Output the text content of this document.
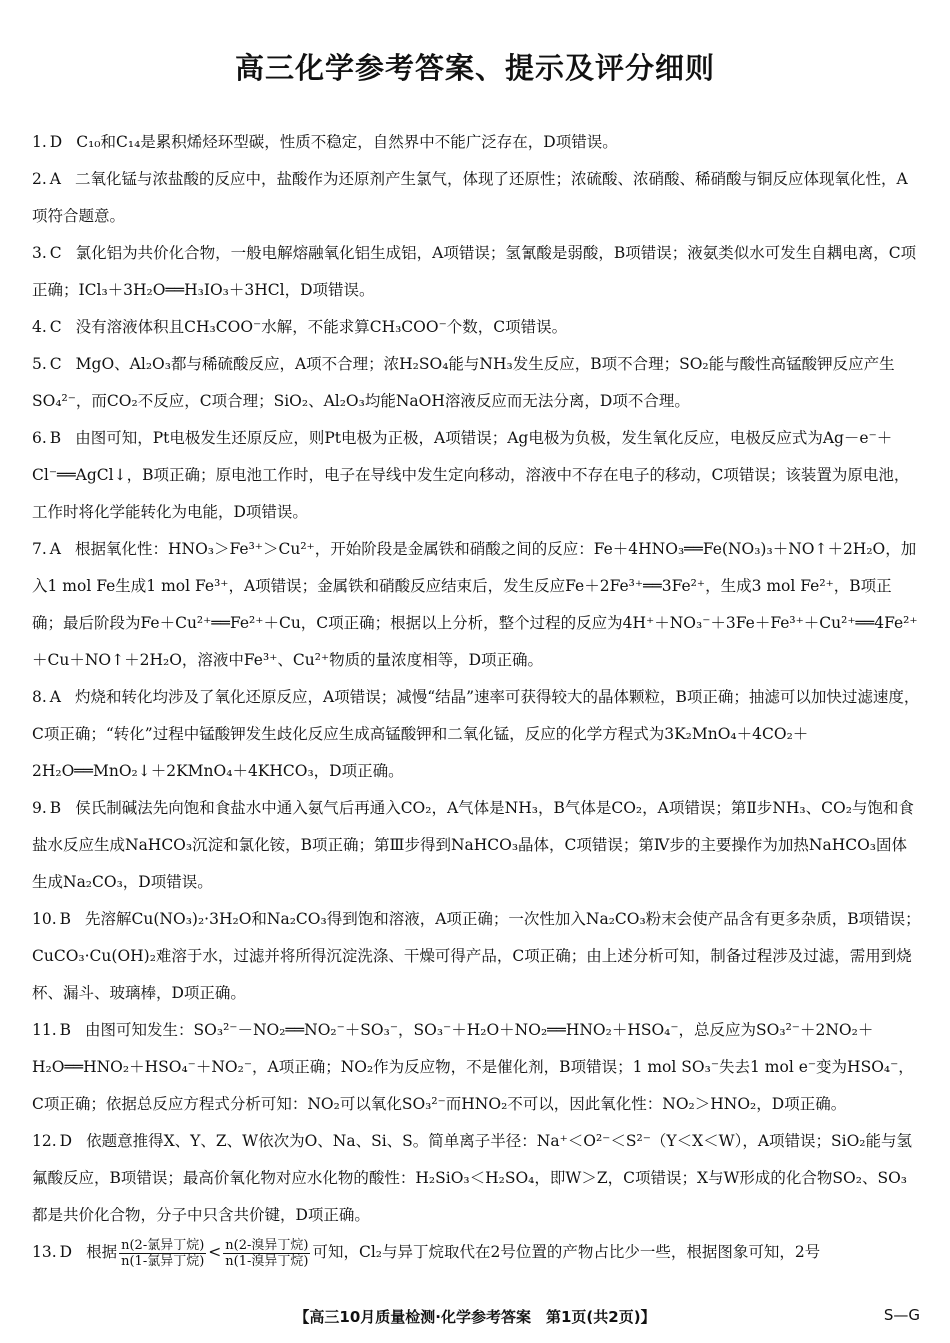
高三化学参考答案、提示及评分细则
1. D C₁₀和C₁₄是累积烯烃环型碳，性质不稳定，自然界中不能广泛存在，D项错误。
2. A 二氧化锰与浓盐酸的反应中，盐酸作为还原剂产生氯气，体现了还原性；浓硫酸、浓硝酸、稀硝酸与铜反应体现氧化性，A项符合题意。
3. C 氯化铝为共价化合物，一般电解熔融氧化铝生成铝，A项错误；氢氰酸是弱酸，B项错误；液氨类似水可发生自耦电离，C项正确；ICl₃＋3H₂O══H₃IO₃＋3HCl，D项错误。
4. C 没有溶液体积且CH₃COO⁻水解，不能求算CH₃COO⁻个数，C项错误。
5. C MgO、Al₂O₃都与稀硫酸反应，A项不合理；浓H₂SO₄能与NH₃发生反应，B项不合理；SO₂能与酸性高锰酸钾反应产生SO₄²⁻，而CO₂不反应，C项合理；SiO₂、Al₂O₃均能NaOH溶液反应而无法分离，D项不合理。
6. B 由图可知，Pt电极发生还原反应，则Pt电极为正极，A项错误；Ag电极为负极，发生氧化反应，电极反应式为Ag－e⁻＋Cl⁻══AgCl↓，B项正确；原电池工作时，电子在导线中发生定向移动，溶液中不存在电子的移动，C项错误；该装置为原电池，工作时将化学能转化为电能，D项错误。
7. A 根据氧化性：HNO₃＞Fe³⁺＞Cu²⁺，开始阶段是金属铁和硝酸之间的反应：Fe＋4HNO₃══Fe(NO₃)₃＋NO↑＋2H₂O，加入1 mol Fe生成1 mol Fe³⁺，A项错误；金属铁和硝酸反应结束后，发生反应Fe＋2Fe³⁺══3Fe²⁺，生成3 mol Fe²⁺，B项正确；最后阶段为Fe＋Cu²⁺══Fe²⁺＋Cu，C项正确；根据以上分析，整个过程的反应为4H⁺＋NO₃⁻＋3Fe＋Fe³⁺＋Cu²⁺══4Fe²⁺＋Cu＋NO↑＋2H₂O，溶液中Fe³⁺、Cu²⁺物质的量浓度相等，D项正确。
8. A 灼烧和转化均涉及了氧化还原反应，A项错误；减慢“结晶”速率可获得较大的晶体颗粒，B项正确；抽滤可以加快过滤速度，C项正确；“转化”过程中锰酸钾发生歧化反应生成高锰酸钾和二氧化锰，反应的化学方程式为3K₂MnO₄＋4CO₂＋2H₂O══MnO₂↓＋2KMnO₄＋4KHCO₃，D项正确。
9. B 侯氏制碱法先向饱和食盐水中通入氨气后再通入CO₂，A气体是NH₃，B气体是CO₂，A项错误；第Ⅱ步NH₃、CO₂与饱和食盐水反应生成NaHCO₃沉淀和氯化铵，B项正确；第Ⅲ步得到NaHCO₃晶体，C项错误；第Ⅳ步的主要操作为加热NaHCO₃固体生成Na₂CO₃，D项错误。
10. B 先溶解Cu(NO₃)₂·3H₂O和Na₂CO₃得到饱和溶液，A项正确；一次性加入Na₂CO₃粉末会使产品含有更多杂质，B项错误；CuCO₃·Cu(OH)₂难溶于水，过滤并将所得沉淀洗涤、干燥可得产品，C项正确；由上述分析可知，制备过程涉及过滤，需用到烧杯、漏斗、玻璃棒，D项正确。
11. B 由图可知发生：SO₃²⁻－NO₂══NO₂⁻＋SO₃⁻，SO₃⁻＋H₂O＋NO₂══HNO₂＋HSO₄⁻，总反应为SO₃²⁻＋2NO₂＋H₂O══HNO₂＋HSO₄⁻＋NO₂⁻，A项正确；NO₂作为反应物，不是催化剂，B项错误；1 mol SO₃⁻失去1 mol e⁻变为HSO₄⁻，C项正确；依据总反应方程式分析可知：NO₂可以氧化SO₃²⁻而HNO₂不可以，因此氧化性：NO₂＞HNO₂，D项正确。
12. D 依题意推得X、Y、Z、W依次为O、Na、Si、S。简单离子半径：Na⁺＜O²⁻＜S²⁻（Y＜X＜W），A项错误；SiO₂能与氢氟酸反应，B项错误；最高价氧化物对应水化物的酸性：H₂SiO₃＜H₂SO₄，即W＞Z，C项错误；X与W形成的化合物SO₂、SO₃都是共价化合物，分子中只含共价键，D项正确。
13. D 根据 $\frac{\text{n(2-氯异丁烷)}}{\text{n(1-氯异丁烷)}} < \frac{\text{n(2-溴异丁烷)}}{\text{n(1-溴异丁烷)}}$ 可知，Cl₂与异丁烷取代在2号位置的产物占比少一些，根据图象可知，2号
【高三10月质量检测·化学参考答案　第1页(共2页)】	S—G
